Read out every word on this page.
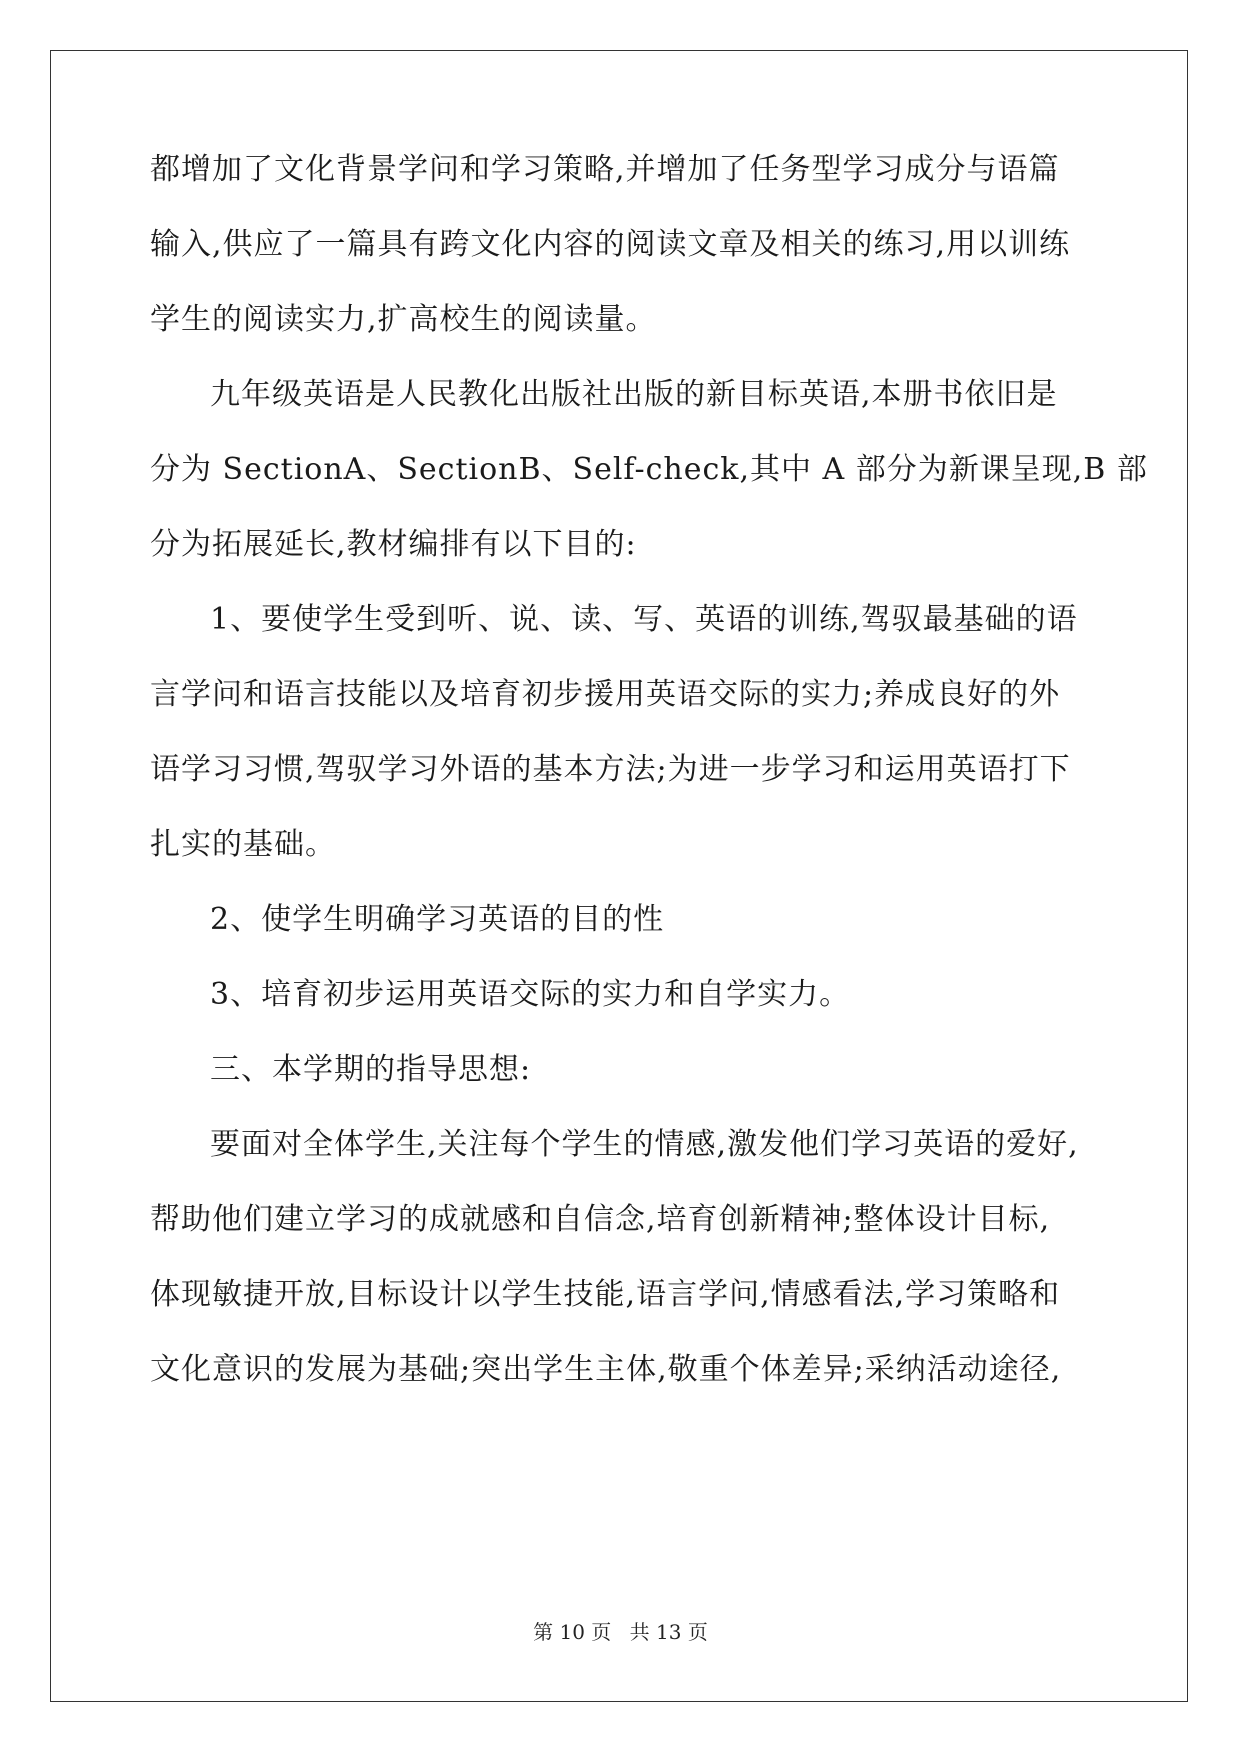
都增加了文化背景学问和学习策略,并增加了任务型学习成分与语篇
输入,供应了一篇具有跨文化内容的阅读文章及相关的练习,用以训练
学生的阅读实力,扩高校生的阅读量。
九年级英语是人民教化出版社出版的新目标英语,本册书依旧是
分为 SectionA、SectionB、Self-check,其中 A 部分为新课呈现,B 部
分为拓展延长,教材编排有以下目的:
1、要使学生受到听、说、读、写、英语的训练,驾驭最基础的语
言学问和语言技能以及培育初步援用英语交际的实力;养成良好的外
语学习习惯,驾驭学习外语的基本方法;为进一步学习和运用英语打下
扎实的基础。
2、使学生明确学习英语的目的性
3、培育初步运用英语交际的实力和自学实力。
三、本学期的指导思想:
要面对全体学生,关注每个学生的情感,激发他们学习英语的爱好,
帮助他们建立学习的成就感和自信念,培育创新精神;整体设计目标,
体现敏捷开放,目标设计以学生技能,语言学问,情感看法,学习策略和
文化意识的发展为基础;突出学生主体,敬重个体差异;采纳活动途径,
第 10 页 共 13 页
